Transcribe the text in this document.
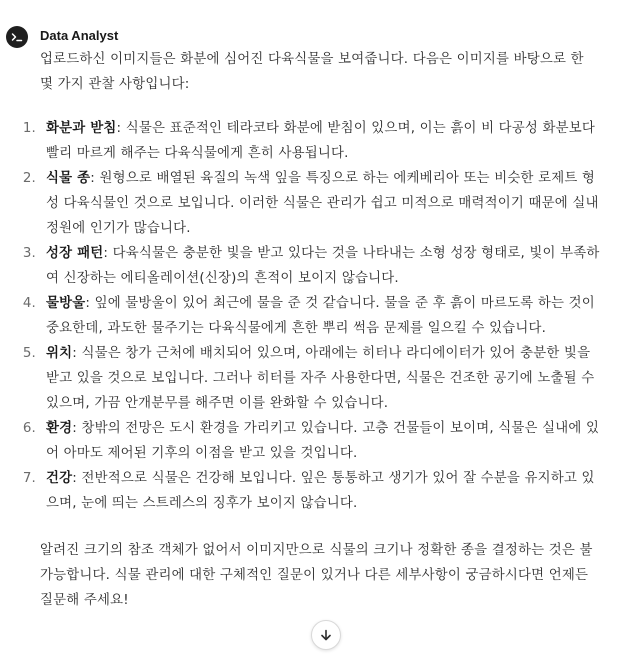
Data Analyst

업로드하신 이미지들은 화분에 심어진 다육식물을 보여줍니다. 다음은 이미지를 바탕으로 한 몇 가지 관찰 사항입니다:

1. 화분과 받침: 식물은 표준적인 테라코타 화분에 받침이 있으며, 이는 흙이 비 다공성 화분보다 빨리 마르게 해주는 다육식물에게 흔히 사용됩니다.
2. 식물 종: 원형으로 배열된 육질의 녹색 잎을 특징으로 하는 에케베리아 또는 비슷한 로제트 형성 다육식물인 것으로 보입니다. 이러한 식물은 관리가 쉽고 미적으로 매력적이기 때문에 실내 정원에 인기가 많습니다.
3. 성장 패턴: 다육식물은 충분한 빛을 받고 있다는 것을 나타내는 소형 성장 형태로, 빛이 부족하여 신장하는 에티올레이션(신장)의 흔적이 보이지 않습니다.
4. 물방울: 잎에 물방울이 있어 최근에 물을 준 것 같습니다. 물을 준 후 흙이 마르도록 하는 것이 중요한데, 과도한 물주기는 다육식물에게 흔한 뿌리 썩음 문제를 일으킬 수 있습니다.
5. 위치: 식물은 창가 근처에 배치되어 있으며, 아래에는 히터나 라디에이터가 있어 충분한 빛을 받고 있을 것으로 보입니다. 그러나 히터를 자주 사용한다면, 식물은 건조한 공기에 노출될 수 있으며, 가끔 안개분무를 해주면 이를 완화할 수 있습니다.
6. 환경: 창밖의 전망은 도시 환경을 가리키고 있습니다. 고층 건물들이 보이며, 식물은 실내에 있어 아마도 제어된 기후의 이점을 받고 있을 것입니다.
7. 건강: 전반적으로 식물은 건강해 보입니다. 잎은 통통하고 생기가 있어 잘 수분을 유지하고 있으며, 눈에 띄는 스트레스의 징후가 보이지 않습니다.

알려진 크기의 참조 객체가 없어서 이미지만으로 식물의 크기나 정확한 종을 결정하는 것은 불가능합니다. 식물 관리에 대한 구체적인 질문이 있거나 다른 세부사항이 궁금하시다면 언제든 질문해 주세요!
